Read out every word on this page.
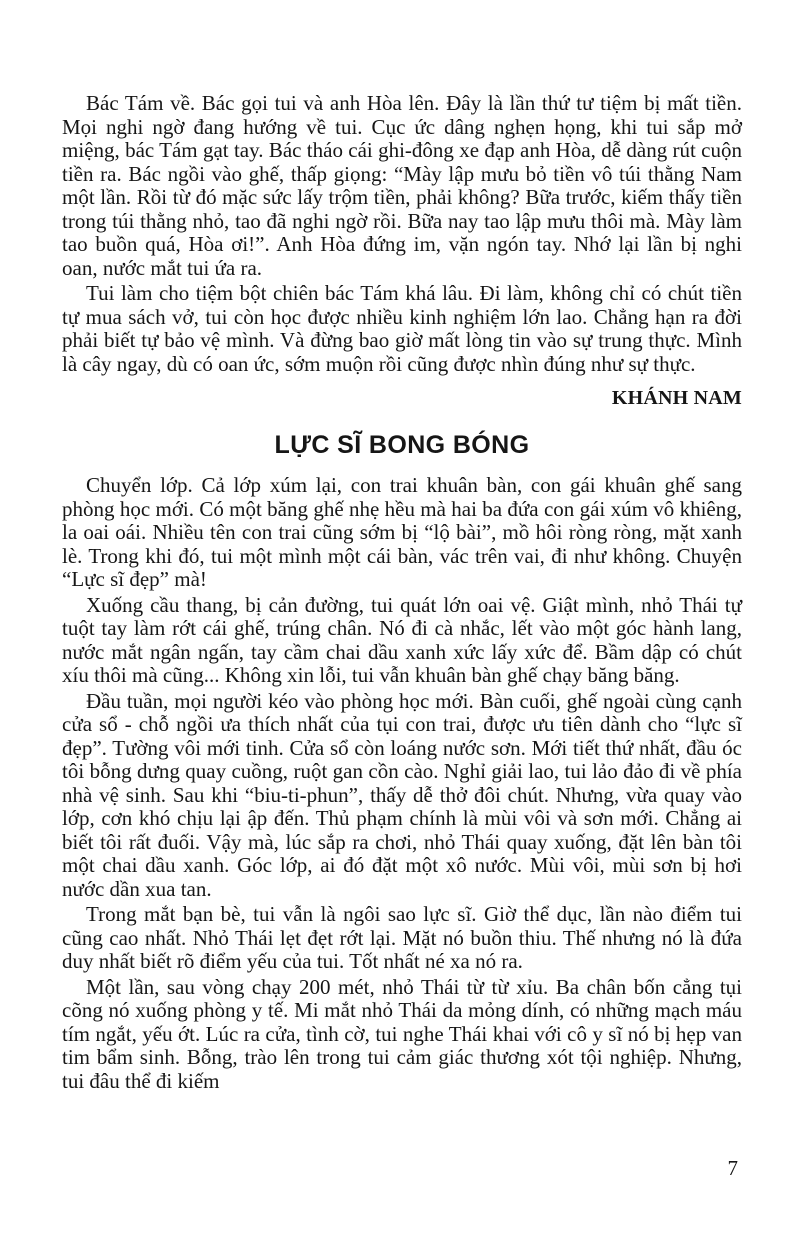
Bác Tám về. Bác gọi tui và anh Hòa lên. Đây là lần thứ tư tiệm bị mất tiền. Mọi nghi ngờ đang hướng về tui. Cục ức dâng nghẹn họng, khi tui sắp mở miệng, bác Tám gạt tay. Bác tháo cái ghi-đông xe đạp anh Hòa, dễ dàng rút cuộn tiền ra. Bác ngồi vào ghế, thấp giọng: “Mày lập mưu bỏ tiền vô túi thằng Nam một lần. Rồi từ đó mặc sức lấy trộm tiền, phải không? Bữa trước, kiếm thấy tiền trong túi thằng nhỏ, tao đã nghi ngờ rồi. Bữa nay tao lập mưu thôi mà. Mày làm tao buồn quá, Hòa ơi!”. Anh Hòa đứng im, vặn ngón tay. Nhớ lại lần bị nghi oan, nước mắt tui ứa ra.

Tui làm cho tiệm bột chiên bác Tám khá lâu. Đi làm, không chỉ có chút tiền tự mua sách vở, tui còn học được nhiều kinh nghiệm lớn lao. Chẳng hạn ra đời phải biết tự bảo vệ mình. Và đừng bao giờ mất lòng tin vào sự trung thực. Mình là cây ngay, dù có oan ức, sớm muộn rồi cũng được nhìn đúng như sự thực.

KHÁNH NAM

LỰC SĨ BONG BÓNG

Chuyển lớp. Cả lớp xúm lại, con trai khuân bàn, con gái khuân ghế sang phòng học mới. Có một băng ghế nhẹ hều mà hai ba đứa con gái xúm vô khiêng, la oai oái. Nhiều tên con trai cũng sớm bị “lộ bài”, mồ hôi ròng ròng, mặt xanh lè. Trong khi đó, tui một mình một cái bàn, vác trên vai, đi như không. Chuyện “Lực sĩ đẹp” mà!

Xuống cầu thang, bị cản đường, tui quát lớn oai vệ. Giật mình, nhỏ Thái tự tuột tay làm rớt cái ghế, trúng chân. Nó đi cà nhắc, lết vào một góc hành lang, nước mắt ngân ngấn, tay cầm chai dầu xanh xức lấy xức để. Bầm dập có chút xíu thôi mà cũng... Không xin lỗi, tui vẫn khuân bàn ghế chạy băng băng.

Đầu tuần, mọi người kéo vào phòng học mới. Bàn cuối, ghế ngoài cùng cạnh cửa sổ - chỗ ngồi ưa thích nhất của tụi con trai, được ưu tiên dành cho “lực sĩ đẹp”. Tường vôi mới tinh. Cửa sổ còn loáng nước sơn. Mới tiết thứ nhất, đầu óc tôi bỗng dưng quay cuồng, ruột gan cồn cào. Nghỉ giải lao, tui lảo đảo đi về phía nhà vệ sinh. Sau khi “biu-ti-phun”, thấy dễ thở đôi chút. Nhưng, vừa quay vào lớp, cơn khó chịu lại ập đến. Thủ phạm chính là mùi vôi và sơn mới. Chẳng ai biết tôi rất đuối. Vậy mà, lúc sắp ra chơi, nhỏ Thái quay xuống, đặt lên bàn tôi một chai dầu xanh. Góc lớp, ai đó đặt một xô nước. Mùi vôi, mùi sơn bị hơi nước dần xua tan.

Trong mắt bạn bè, tui vẫn là ngôi sao lực sĩ. Giờ thể dục, lần nào điểm tui cũng cao nhất. Nhỏ Thái lẹt đẹt rớt lại. Mặt nó buồn thiu. Thế nhưng nó là đứa duy nhất biết rõ điểm yếu của tui. Tốt nhất né xa nó ra.

Một lần, sau vòng chạy 200 mét, nhỏ Thái từ từ xỉu. Ba chân bốn cẳng tụi cõng nó xuống phòng y tế. Mi mắt nhỏ Thái da mỏng dính, có những mạch máu tím ngắt, yếu ớt. Lúc ra cửa, tình cờ, tui nghe Thái khai với cô y sĩ nó bị hẹp van tim bẩm sinh. Bỗng, trào lên trong tui cảm giác thương xót tội nghiệp. Nhưng, tui đâu thể đi kiếm

7
